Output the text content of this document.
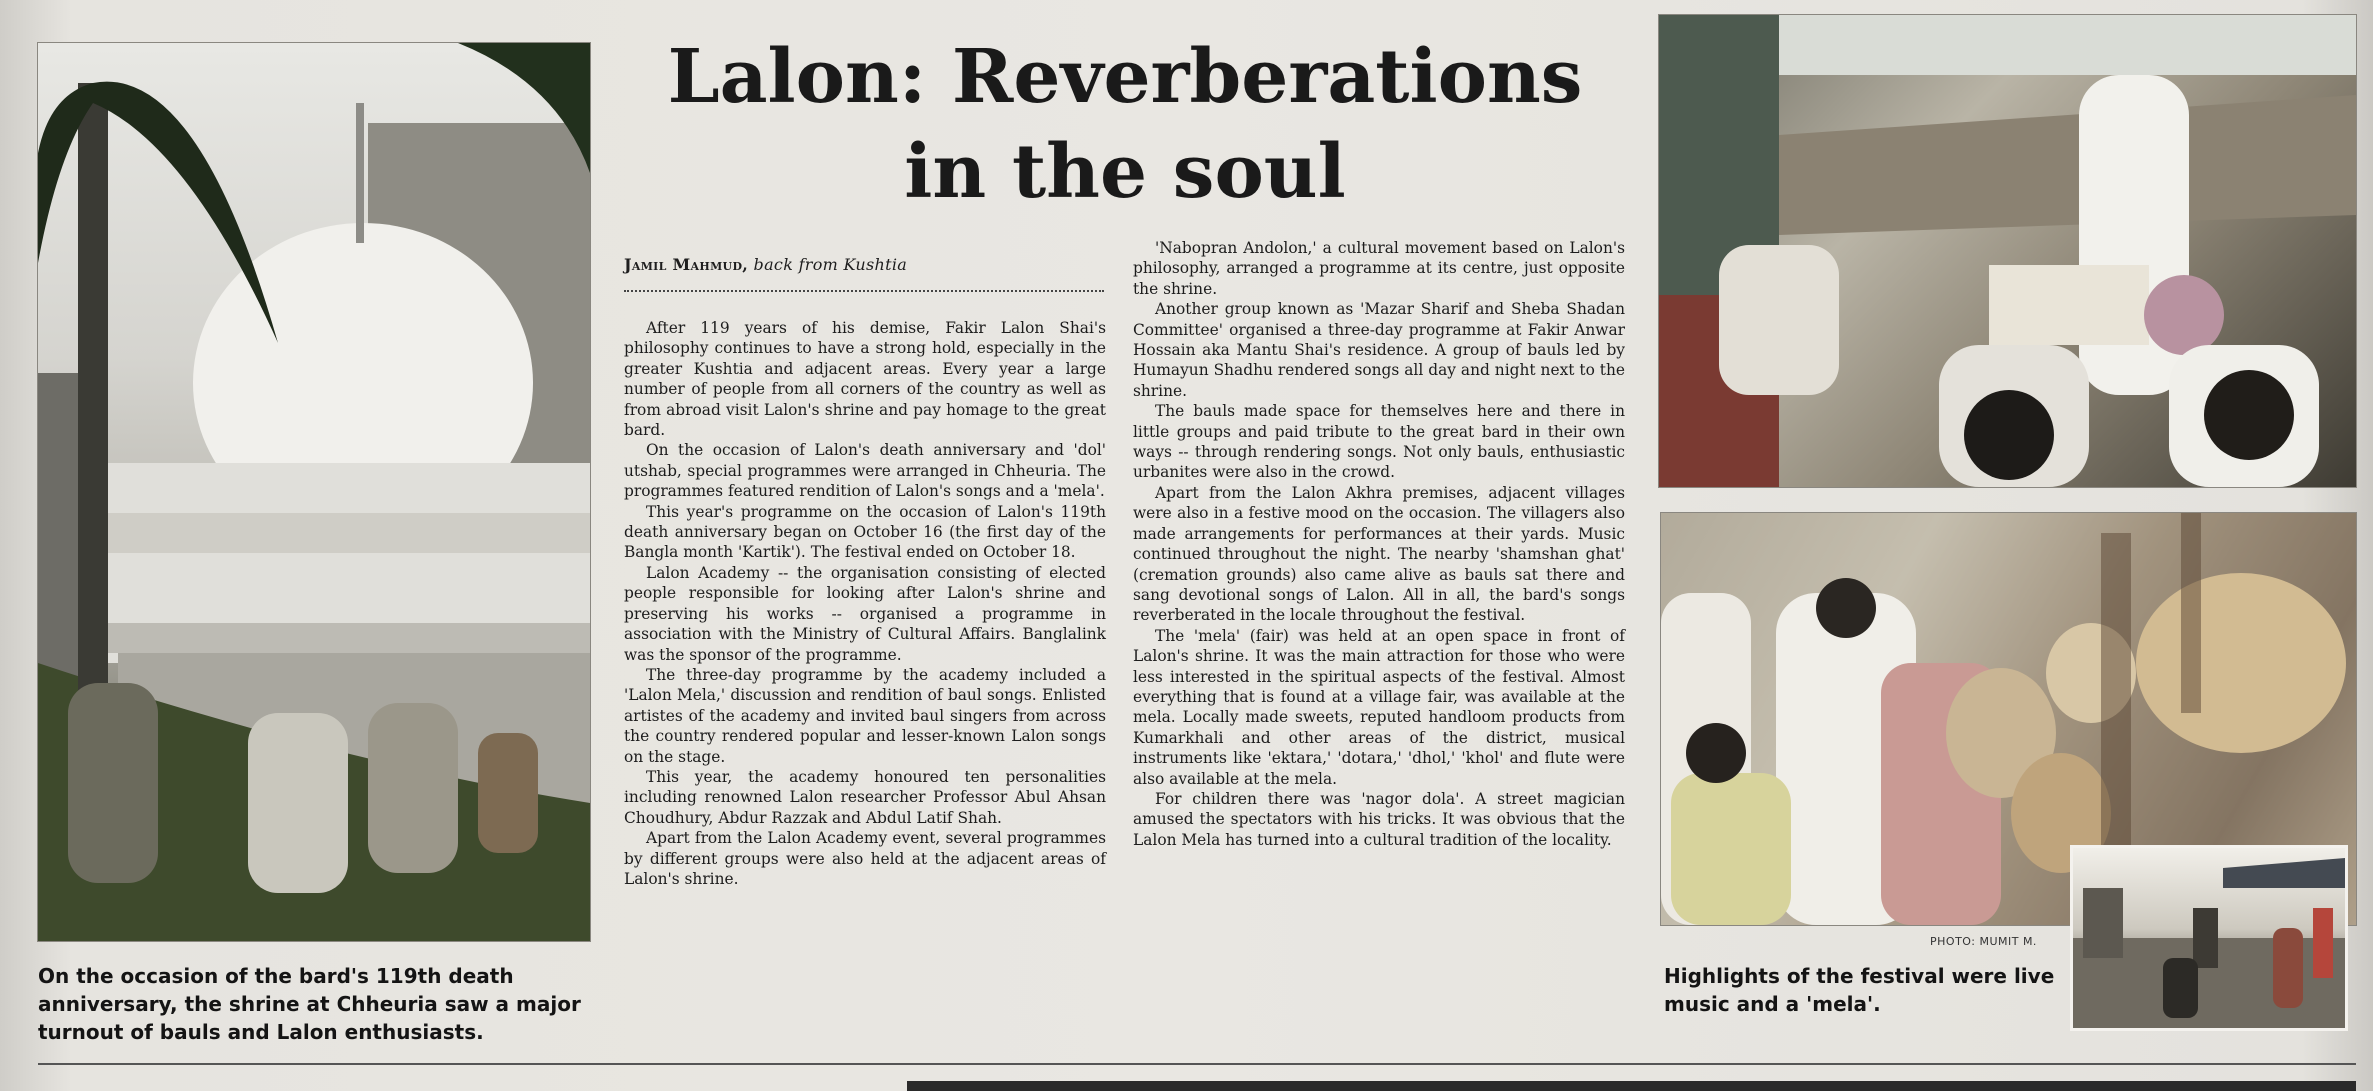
Lalon: Reverberations
in the soul
Jamil Mahmud, back from Kushtia

After 119 years of his demise, Fakir Lalon Shai's philosophy continues to have a strong hold, especially in the greater Kushtia and adjacent areas. Every year a large number of people from all corners of the country as well as from abroad visit Lalon's shrine and pay homage to the great bard.

On the occasion of Lalon's death anniversary and 'dol' utshab, special programmes were arranged in Chheuria. The programmes featured rendition of Lalon's songs and a 'mela'.

This year's programme on the occasion of Lalon's 119th death anniversary began on October 16 (the first day of the Bangla month 'Kartik'). The festival ended on October 18.

Lalon Academy -- the organisation consisting of elected people responsible for looking after Lalon's shrine and preserving his works -- organised a programme in association with the Ministry of Cultural Affairs. Banglalink was the sponsor of the programme.

The three-day programme by the academy included a 'Lalon Mela,' discussion and rendition of baul songs. Enlisted artistes of the academy and invited baul singers from across the country rendered popular and lesser-known Lalon songs on the stage.

This year, the academy honoured ten personalities including renowned Lalon researcher Professor Abul Ahsan Choudhury, Abdur Razzak and Abdul Latif Shah.

Apart from the Lalon Academy event, several programmes by different groups were also held at the adjacent areas of Lalon's shrine.

'Nabopran Andolon,' a cultural movement based on Lalon's philosophy, arranged a programme at its centre, just opposite the shrine.

Another group known as 'Mazar Sharif and Sheba Shadan Committee' organised a three-day programme at Fakir Anwar Hossain aka Mantu Shai's residence. A group of bauls led by Humayun Shadhu rendered songs all day and night next to the shrine.

The bauls made space for themselves here and there in little groups and paid tribute to the great bard in their own ways -- through rendering songs. Not only bauls, enthusiastic urbanites were also in the crowd.

Apart from the Lalon Akhra premises, adjacent villages were also in a festive mood on the occasion. The villagers also made arrangements for performances at their yards. Music continued throughout the night. The nearby 'shamshan ghat' (cremation grounds) also came alive as bauls sat there and sang devotional songs of Lalon. All in all, the bard's songs reverberated in the locale throughout the festival.

The 'mela' (fair) was held at an open space in front of Lalon's shrine. It was the main attraction for those who were less interested in the spiritual aspects of the festival. Almost everything that is found at a village fair, was available at the mela. Locally made sweets, reputed handloom products from Kumarkhali and other areas of the district, musical instruments like 'ektara,' 'dotara,' 'dhol,' 'khol' and flute were also available at the mela.

For children there was 'nagor dola'. A street magician amused the spectators with his tricks. It was obvious that the Lalon Mela has turned into a cultural tradition of the locality.

PHOTO: MUMIT M.

On the occasion of the bard's 119th death anniversary, the shrine at Chheuria saw a major turnout of bauls and Lalon enthusiasts.

Highlights of the festival were live music and a 'mela'.
